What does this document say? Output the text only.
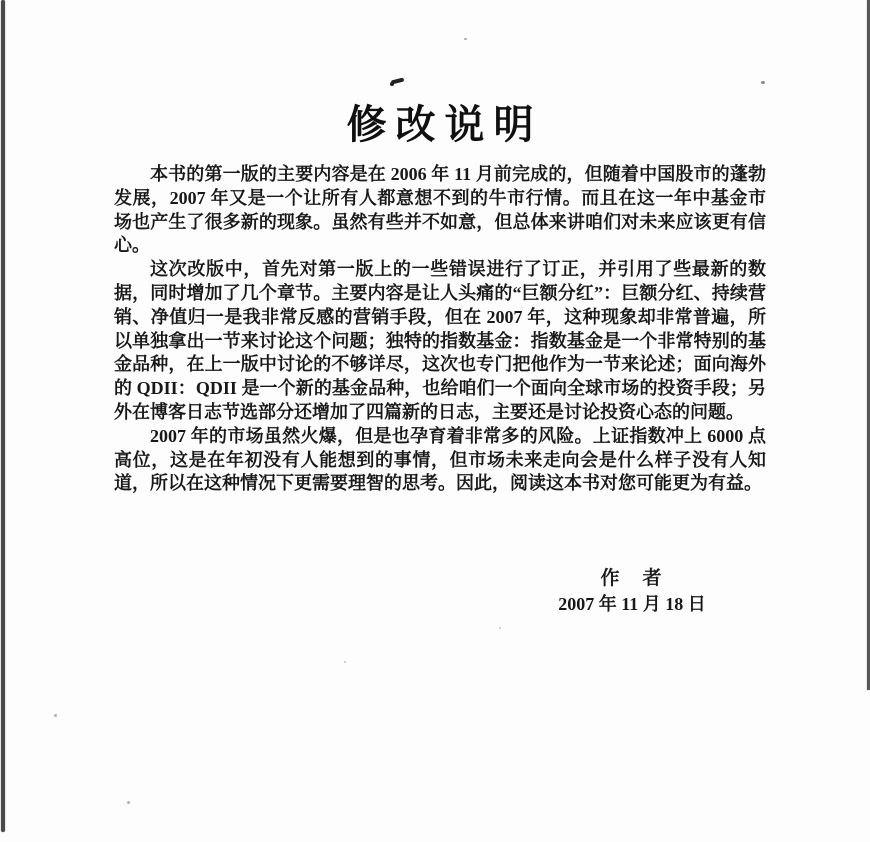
修改说明

本书的第一版的主要内容是在 2006 年 11 月前完成的，但随着中国股市的蓬勃发展，2007 年又是一个让所有人都意想不到的牛市行情。而且在这一年中基金市场也产生了很多新的现象。虽然有些并不如意，但总体来讲咱们对未来应该更有信心。

这次改版中，首先对第一版上的一些错误进行了订正，并引用了些最新的数据，同时增加了几个章节。主要内容是让人头痛的“巨额分红”：巨额分红、持续营销、净值归一是我非常反感的营销手段，但在 2007 年，这种现象却非常普遍，所以单独拿出一节来讨论这个问题；独特的指数基金：指数基金是一个非常特别的基金品种，在上一版中讨论的不够详尽，这次也专门把他作为一节来论述；面向海外的 QDII：QDII 是一个新的基金品种，也给咱们一个面向全球市场的投资手段；另外在博客日志节选部分还增加了四篇新的日志，主要还是讨论投资心态的问题。

2007 年的市场虽然火爆，但是也孕育着非常多的风险。上证指数冲上 6000 点高位，这是在年初没有人能想到的事情，但市场未来走向会是什么样子没有人知道，所以在这种情况下更需要理智的思考。因此，阅读这本书对您可能更为有益。

作　者
2007 年 11 月 18 日
